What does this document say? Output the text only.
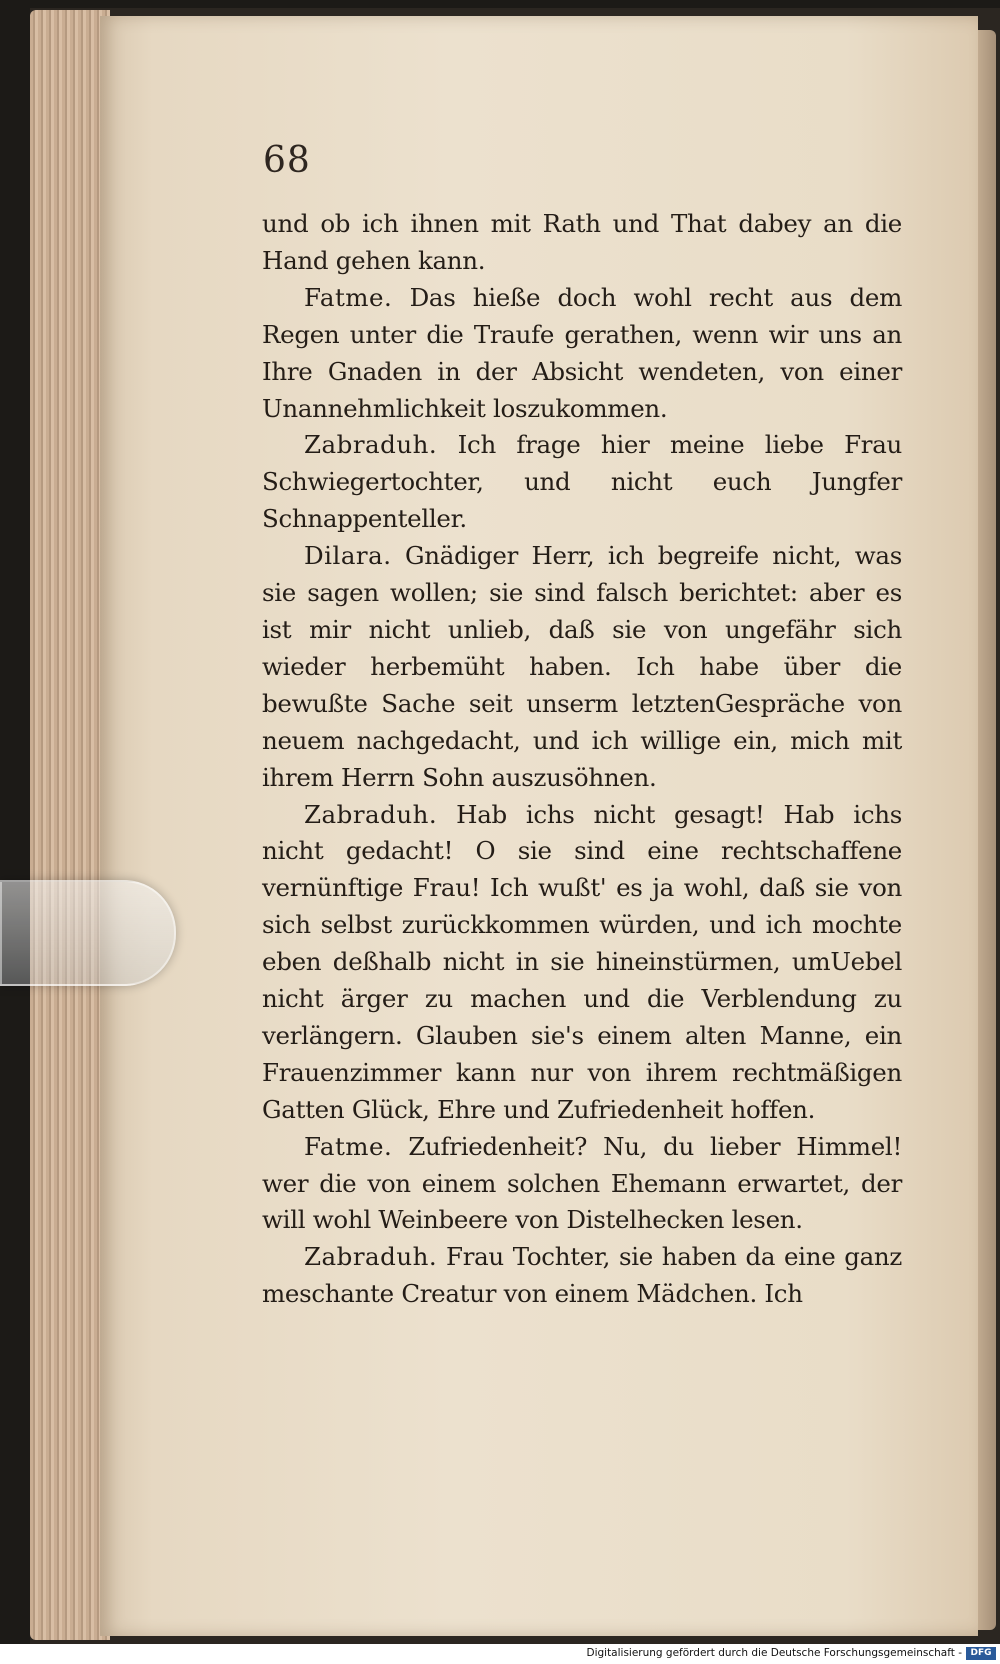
68

und ob ich ihnen mit Rath und That dabey an die Hand gehen kann.

Fatme. Das hieße doch wohl recht aus dem Regen unter die Traufe gerathen, wenn wir uns an Ihre Gnaden in der Absicht wendeten, von einer Unannehmlichkeit loszukommen.

Zabraduh. Ich frage hier meine liebe Frau Schwiegertochter, und nicht euch Jungfer Schnappenteller.

Dilara. Gnädiger Herr, ich begreife nicht, was sie sagen wollen; sie sind falsch berichtet: aber es ist mir nicht unlieb, daß sie von ungefähr sich wieder herbemüht haben. Ich habe über die bewußte Sache seit unserm letztenGespräche von neuem nachgedacht, und ich willige ein, mich mit ihrem Herrn Sohn auszusöhnen.

Zabraduh. Hab ichs nicht gesagt! Hab ichs nicht gedacht! O sie sind eine rechtschaffene vernünftige Frau! Ich wußt' es ja wohl, daß sie von sich selbst zurückkommen würden, und ich mochte eben deßhalb nicht in sie hineinstürmen, umUebel nicht ärger zu machen und die Verblendung zu verlängern. Glauben sie's einem alten Manne, ein Frauenzimmer kann nur von ihrem rechtmäßigen Gatten Glück, Ehre und Zufriedenheit hoffen.

Fatme. Zufriedenheit? Nu, du lieber Himmel! wer die von einem solchen Ehemann erwartet, der will wohl Weinbeere von Distelhecken lesen.

Zabraduh. Frau Tochter, sie haben da eine ganz meschante Creatur von einem Mädchen. Ich

Digitalisierung gefördert durch die Deutsche Forschungsgemeinschaft - DFG
